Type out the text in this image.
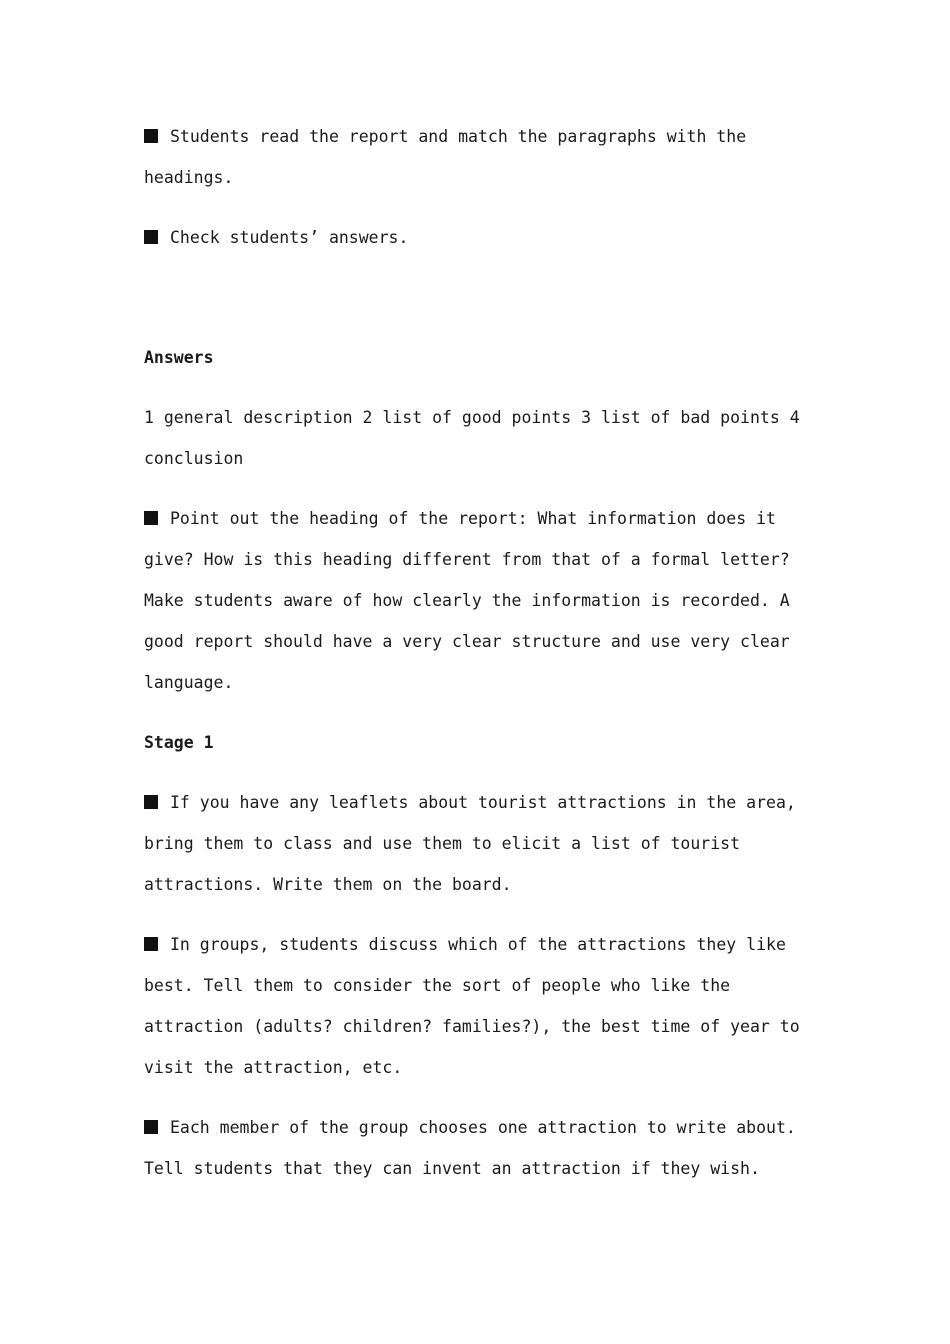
Students read the report and match the paragraphs with the headings.

Check students’ answers.

Answers

1 general description 2 list of good points 3 list of bad points 4 conclusion

Point out the heading of the report: What information does it give? How is this heading different from that of a formal letter? Make students aware of how clearly the information is recorded. A good report should have a very clear structure and use very clear language.

Stage 1

If you have any leaflets about tourist attractions in the area, bring them to class and use them to elicit a list of tourist attractions. Write them on the board.

In groups, students discuss which of the attractions they like best. Tell them to consider the sort of people who like the attraction (adults? children? families?), the best time of year to visit the attraction, etc.

Each member of the group chooses one attraction to write about. Tell students that they can invent an attraction if they wish.
